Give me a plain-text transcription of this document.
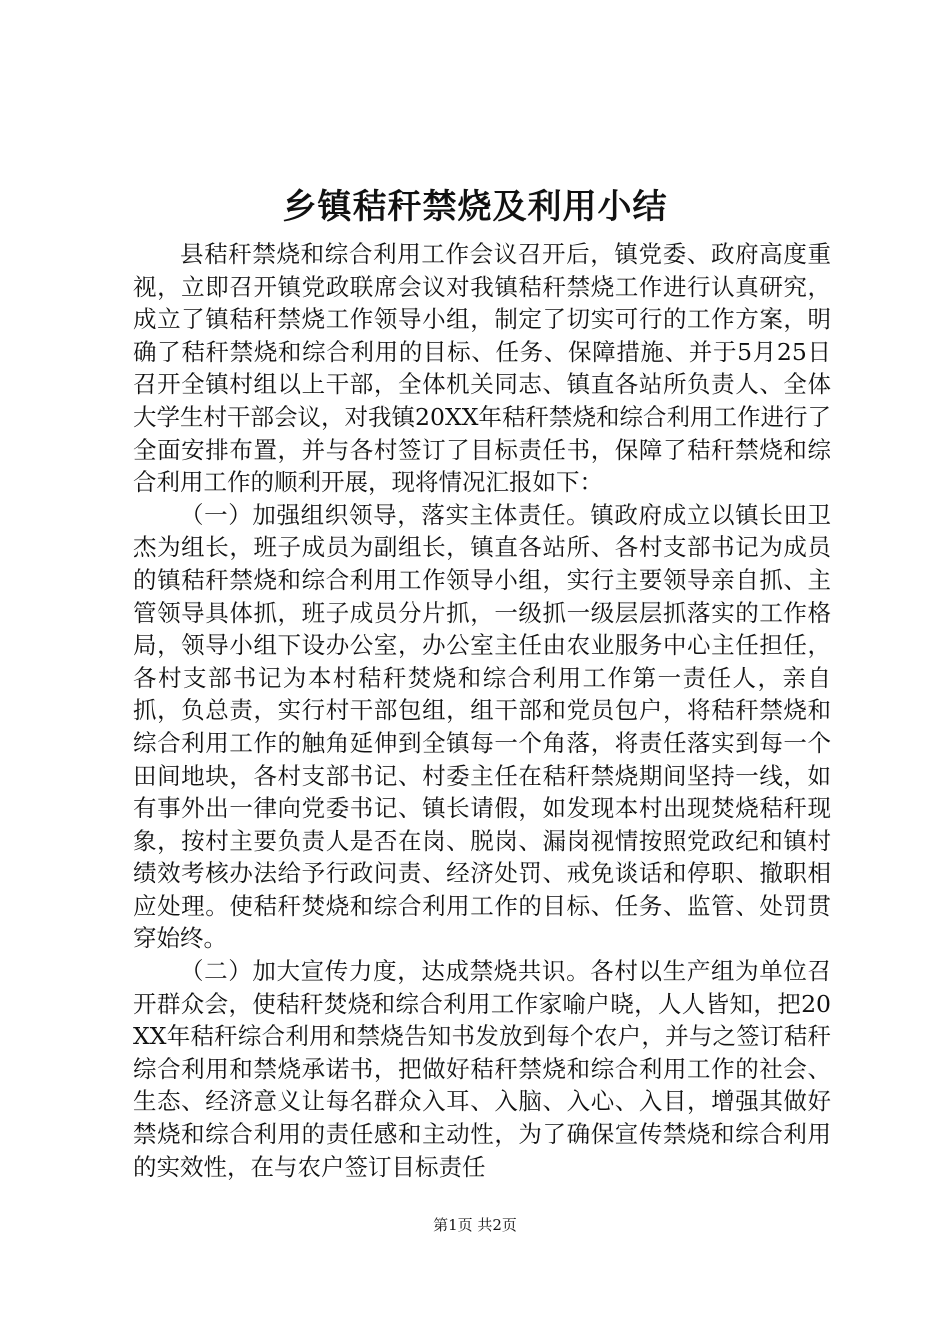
乡镇秸秆禁烧及利用小结

县秸秆禁烧和综合利用工作会议召开后，镇党委、政府高度重视，立即召开镇党政联席会议对我镇秸秆禁烧工作进行认真研究，成立了镇秸秆禁烧工作领导小组，制定了切实可行的工作方案，明确了秸秆禁烧和综合利用的目标、任务、保障措施、并于5月25日召开全镇村组以上干部，全体机关同志、镇直各站所负责人、全体大学生村干部会议，对我镇20XX年秸秆禁烧和综合利用工作进行了全面安排布置，并与各村签订了目标责任书，保障了秸秆禁烧和综合利用工作的顺利开展，现将情况汇报如下：

（一）加强组织领导，落实主体责任。镇政府成立以镇长田卫杰为组长，班子成员为副组长，镇直各站所、各村支部书记为成员的镇秸秆禁烧和综合利用工作领导小组，实行主要领导亲自抓、主管领导具体抓，班子成员分片抓，一级抓一级层层抓落实的工作格局，领导小组下设办公室，办公室主任由农业服务中心主任担任，各村支部书记为本村秸秆焚烧和综合利用工作第一责任人，亲自抓，负总责，实行村干部包组，组干部和党员包户，将秸秆禁烧和综合利用工作的触角延伸到全镇每一个角落，将责任落实到每一个田间地块，各村支部书记、村委主任在秸秆禁烧期间坚持一线，如有事外出一律向党委书记、镇长请假，如发现本村出现焚烧秸秆现象，按村主要负责人是否在岗、脱岗、漏岗视情按照党政纪和镇村绩效考核办法给予行政问责、经济处罚、戒免谈话和停职、撤职相应处理。使秸秆焚烧和综合利用工作的目标、任务、监管、处罚贯穿始终。

（二）加大宣传力度，达成禁烧共识。各村以生产组为单位召开群众会，使秸秆焚烧和综合利用工作家喻户晓，人人皆知，把20XX年秸秆综合利用和禁烧告知书发放到每个农户，并与之签订秸秆综合利用和禁烧承诺书，把做好秸秆禁烧和综合利用工作的社会、生态、经济意义让每名群众入耳、入脑、入心、入目，增强其做好禁烧和综合利用的责任感和主动性，为了确保宣传禁烧和综合利用的实效性，在与农户签订目标责任

第1页 共2页
